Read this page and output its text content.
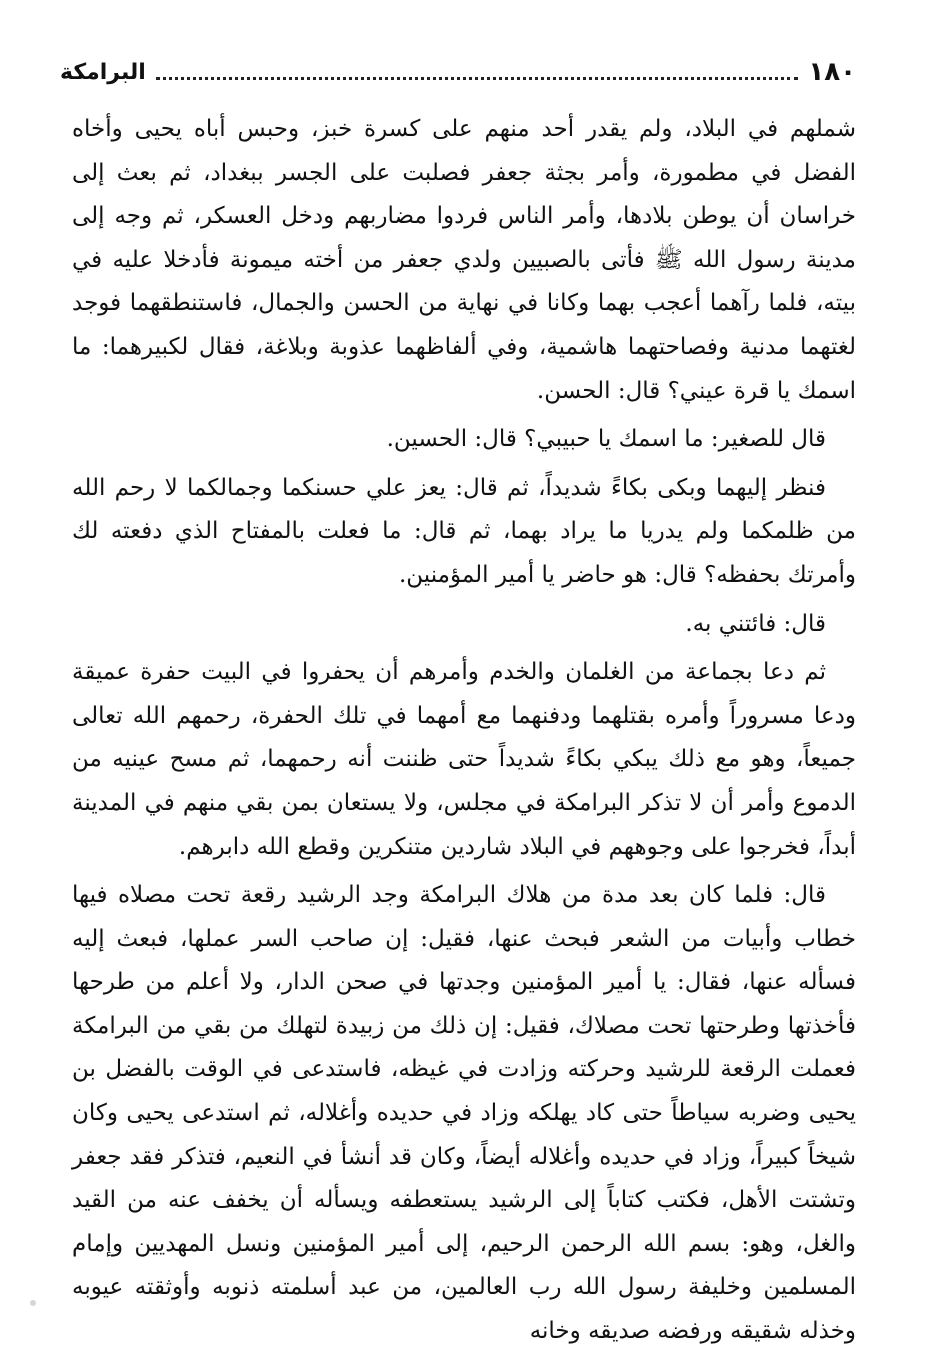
١٨٠
البرامكة

شملهم في البلاد، ولم يقدر أحد منهم على كسرة خبز، وحبس أباه يحيى وأخاه الفضل في مطمورة، وأمر بجثة جعفر فصلبت على الجسر ببغداد، ثم بعث إلى خراسان أن يوطن بلادها، وأمر الناس فردوا مضاربهم ودخل العسكر، ثم وجه إلى مدينة رسول الله ﷺ فأتى بالصبيين ولدي جعفر من أخته ميمونة فأدخلا عليه في بيته، فلما رآهما أعجب بهما وكانا في نهاية من الحسن والجمال، فاستنطقهما فوجد لغتهما مدنية وفصاحتهما هاشمية، وفي ألفاظهما عذوبة وبلاغة، فقال لكبيرهما: ما اسمك يا قرة عيني؟ قال: الحسن.

قال للصغير: ما اسمك يا حبيبي؟ قال: الحسين.

فنظر إليهما وبكى بكاءً شديداً، ثم قال: يعز علي حسنكما وجمالكما لا رحم الله من ظلمكما ولم يدريا ما يراد بهما، ثم قال: ما فعلت بالمفتاح الذي دفعته لك وأمرتك بحفظه؟ قال: هو حاضر يا أمير المؤمنين.

قال: فائتني به.

ثم دعا بجماعة من الغلمان والخدم وأمرهم أن يحفروا في البيت حفرة عميقة ودعا مسروراً وأمره بقتلهما ودفنهما مع أمهما في تلك الحفرة، رحمهم الله تعالى جميعاً، وهو مع ذلك يبكي بكاءً شديداً حتى ظننت أنه رحمهما، ثم مسح عينيه من الدموع وأمر أن لا تذكر البرامكة في مجلس، ولا يستعان بمن بقي منهم في المدينة أبداً، فخرجوا على وجوههم في البلاد شاردين متنكرين وقطع الله دابرهم.

قال: فلما كان بعد مدة من هلاك البرامكة وجد الرشيد رقعة تحت مصلاه فيها خطاب وأبيات من الشعر فبحث عنها، فقيل: إن صاحب السر عملها، فبعث إليه فسأله عنها، فقال: يا أمير المؤمنين وجدتها في صحن الدار، ولا أعلم من طرحها فأخذتها وطرحتها تحت مصلاك، فقيل: إن ذلك من زبيدة لتهلك من بقي من البرامكة فعملت الرقعة للرشيد وحركته وزادت في غيظه، فاستدعى في الوقت بالفضل بن يحيى وضربه سياطاً حتى كاد يهلكه وزاد في حديده وأغلاله، ثم استدعى يحيى وكان شيخاً كبيراً، وزاد في حديده وأغلاله أيضاً، وكان قد أنشأ في النعيم، فتذكر فقد جعفر وتشتت الأهل، فكتب كتاباً إلى الرشيد يستعطفه ويسأله أن يخفف عنه من القيد والغل، وهو: بسم الله الرحمن الرحيم، إلى أمير المؤمنين ونسل المهديين وإمام المسلمين وخليفة رسول الله رب العالمين، من عبد أسلمته ذنوبه وأوثقته عيوبه وخذله شقيقه ورفضه صديقه وخانه
